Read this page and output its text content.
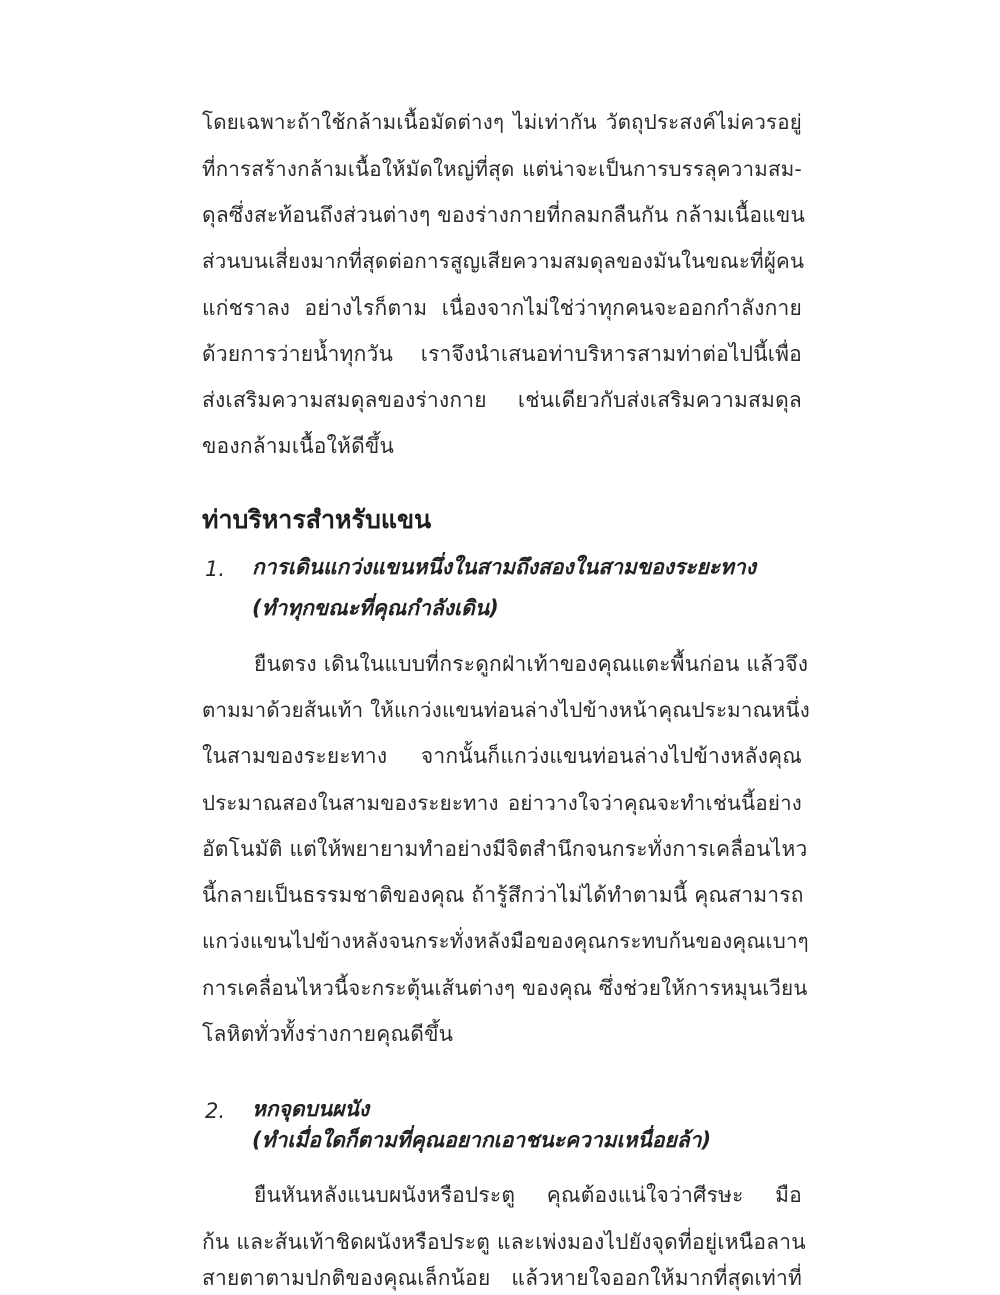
โดยเฉพาะถ้าใช้กล้ามเนื้อมัดต่างๆ ไม่เท่ากัน วัตถุประสงค์ไม่ควรอยู่
ที่การสร้างกล้ามเนื้อให้มัดใหญ่ที่สุด แต่น่าจะเป็นการบรรลุความสม-
ดุลซึ่งสะท้อนถึงส่วนต่างๆ ของร่างกายที่กลมกลืนกัน กล้ามเนื้อแขน
ส่วนบนเสี่ยงมากที่สุดต่อการสูญเสียความสมดุลของมันในขณะที่ผู้คน
แก่ชราลง อย่างไรก็ตาม เนื่องจากไม่ใช่ว่าทุกคนจะออกกำลังกาย
ด้วยการว่ายน้ำทุกวัน เราจึงนำเสนอท่าบริหารสามท่าต่อไปนี้เพื่อ
ส่งเสริมความสมดุลของร่างกาย เช่นเดียวกับส่งเสริมความสมดุล
ของกล้ามเนื้อให้ดีขึ้น
ท่าบริหารสำหรับแขน
1. การเดินแกว่งแขนหนึ่งในสามถึงสองในสามของระยะทาง
(ทำทุกขณะที่คุณกำลังเดิน)
ยืนตรง เดินในแบบที่กระดูกฝ่าเท้าของคุณแตะพื้นก่อน แล้วจึง
ตามมาด้วยส้นเท้า ให้แกว่งแขนท่อนล่างไปข้างหน้าคุณประมาณหนึ่ง
ในสามของระยะทาง จากนั้นก็แกว่งแขนท่อนล่างไปข้างหลังคุณ
ประมาณสองในสามของระยะทาง อย่าวางใจว่าคุณจะทำเช่นนี้อย่าง
อัตโนมัติ แต่ให้พยายามทำอย่างมีจิตสำนึกจนกระทั่งการเคลื่อนไหว
นี้กลายเป็นธรรมชาติของคุณ ถ้ารู้สึกว่าไม่ได้ทำตามนี้ คุณสามารถ
แกว่งแขนไปข้างหลังจนกระทั่งหลังมือของคุณกระทบก้นของคุณเบาๆ
การเคลื่อนไหวนี้จะกระตุ้นเส้นต่างๆ ของคุณ ซึ่งช่วยให้การหมุนเวียน
โลหิตทั่วทั้งร่างกายคุณดีขึ้น
2. หกจุดบนผนัง
(ทำเมื่อใดก็ตามที่คุณอยากเอาชนะความเหนื่อยล้า)
ยืนหันหลังแนบผนังหรือประตู คุณต้องแน่ใจว่าศีรษะ มือ
ก้น และส้นเท้าชิดผนังหรือประตู และเพ่งมองไปยังจุดที่อยู่เหนือลาน
สายตาตามปกติของคุณเล็กน้อย แล้วหายใจออกให้มากที่สุดเท่าที่
